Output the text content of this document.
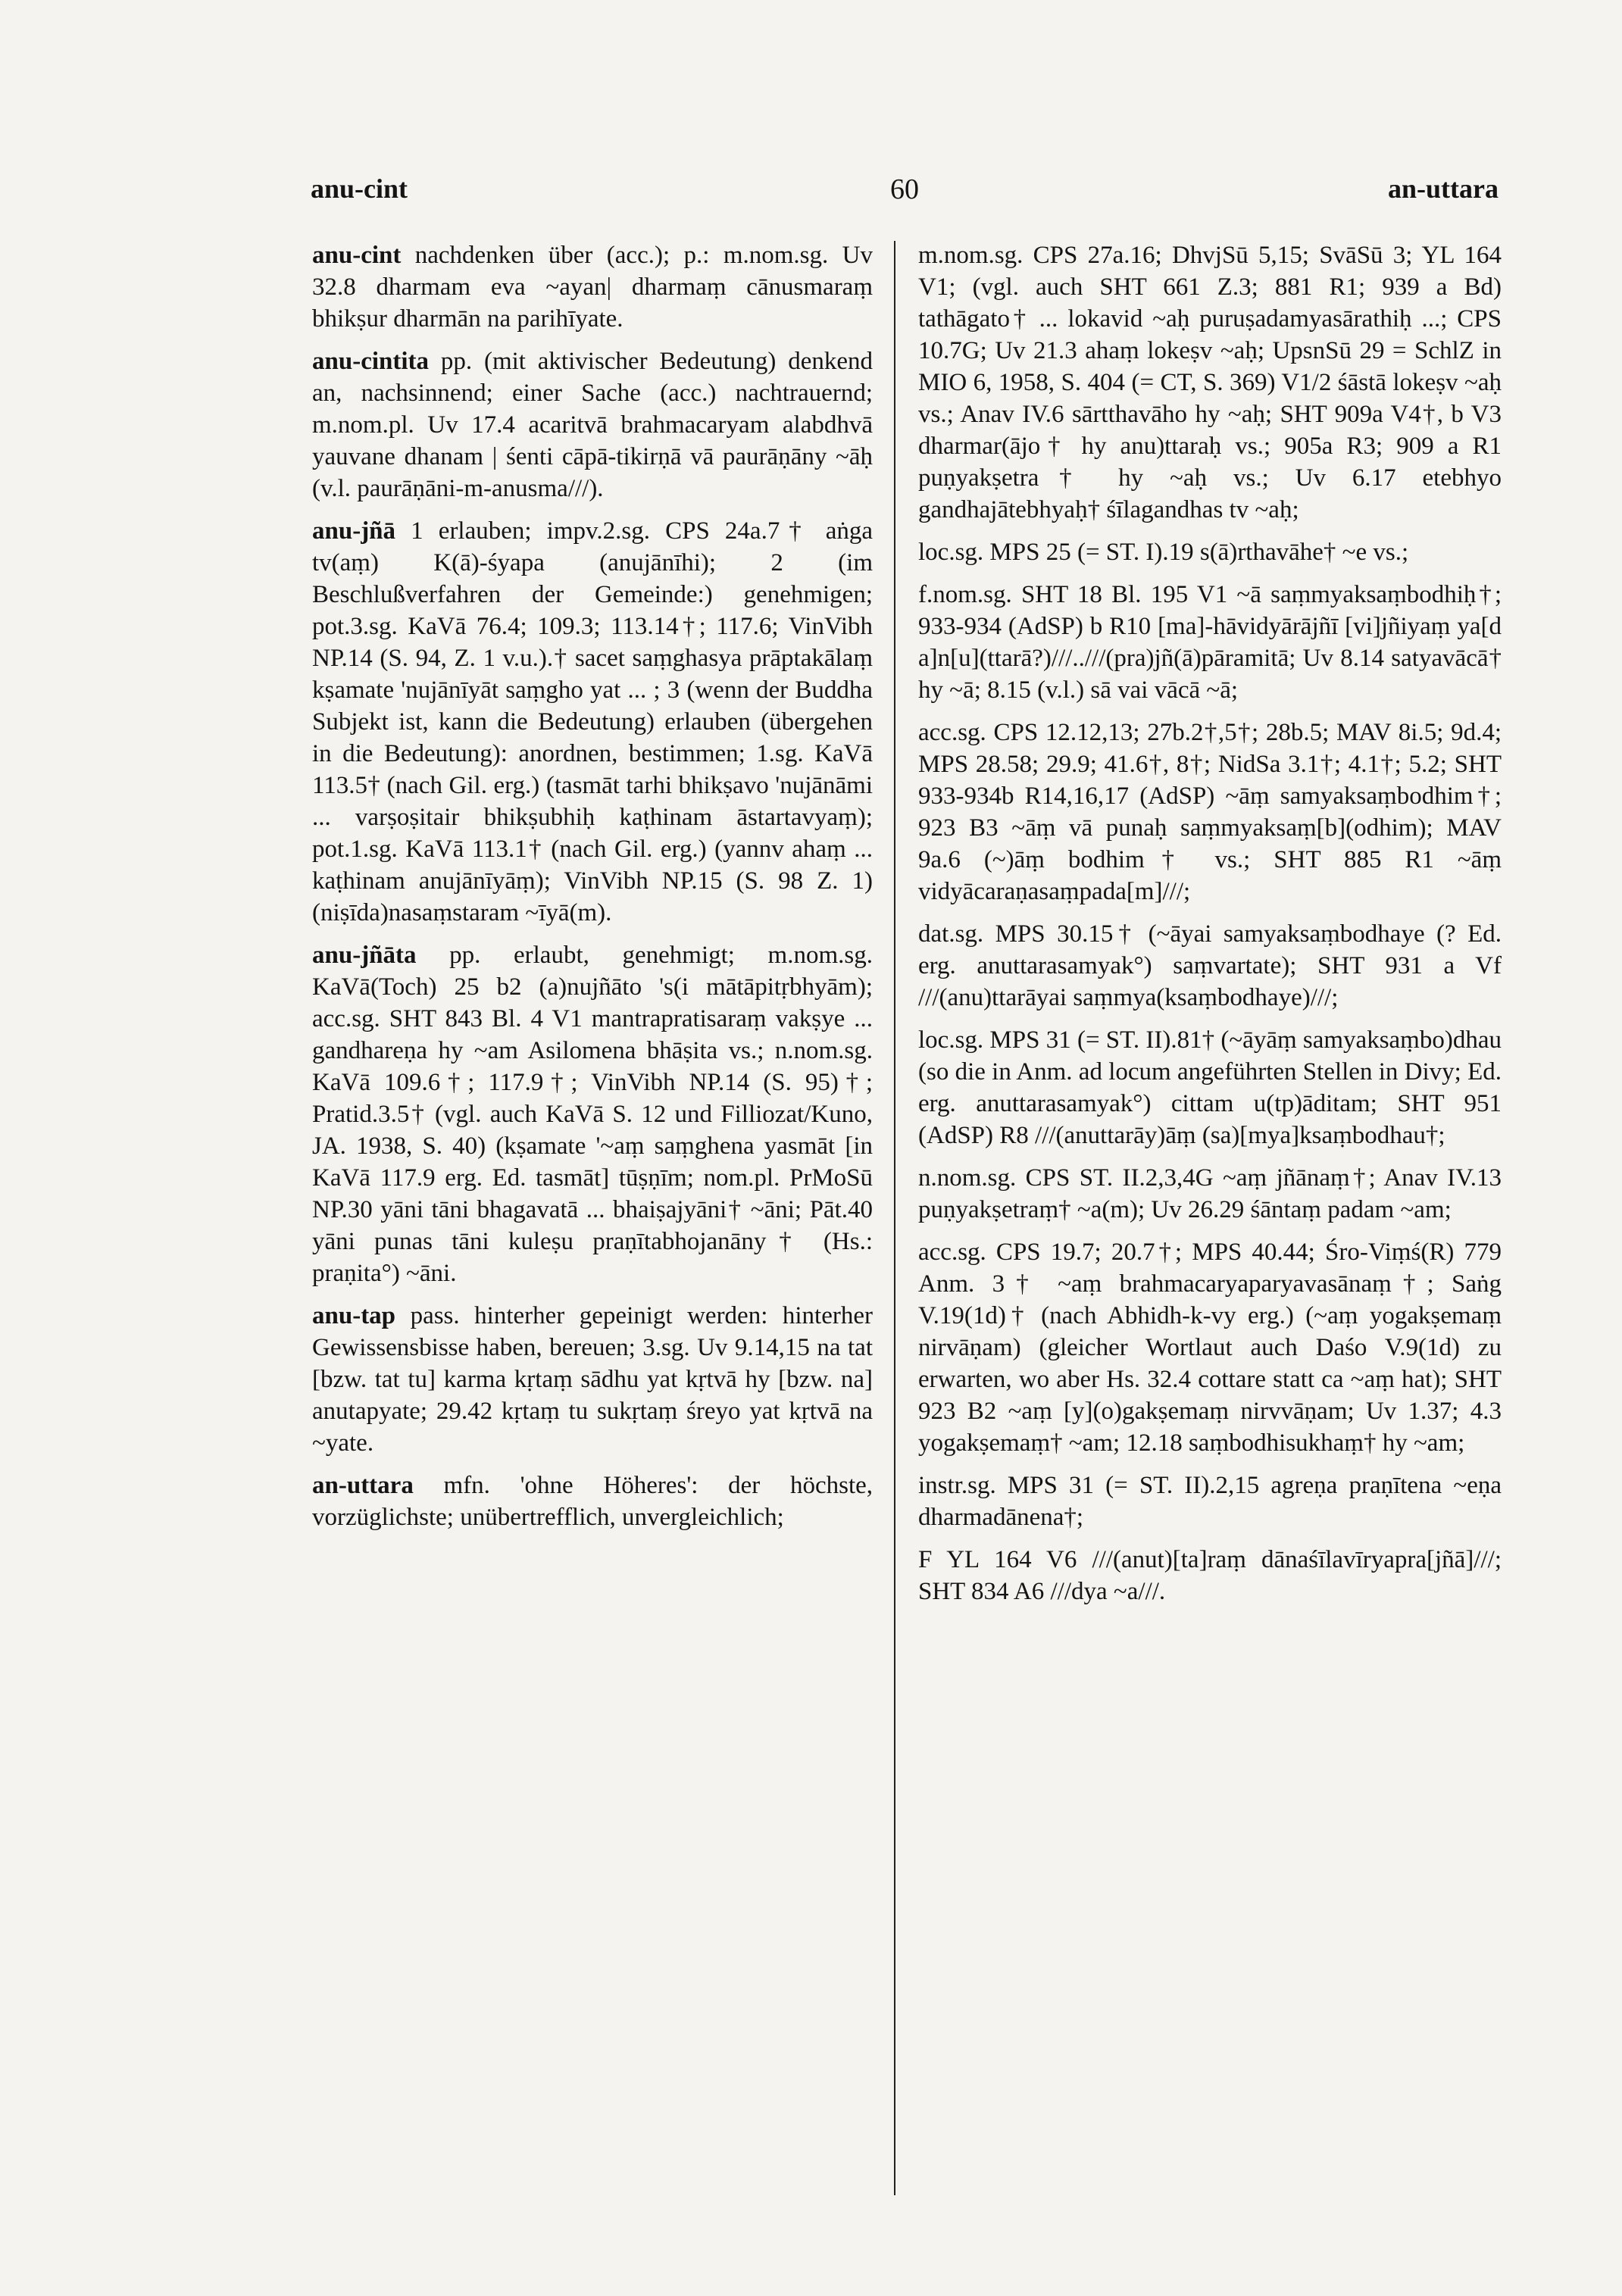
anu-cint	60	an-uttara

anu-cint nachdenken über (acc.); p.: m.nom.sg. Uv 32.8 dharmam eva ~ayan| dharmaṃ cānusmaraṃ bhikṣur dharmān na parihīyate.

anu-cintita pp. (mit aktivischer Bedeutung) denkend an, nachsinnend; einer Sache (acc.) nachtrauernd; m.nom.pl. Uv 17.4 acaritvā brahmacaryam alabdhvā yauvane dhanam | śenti cāpā-tikirṇā vā paurāṇāny ~āḥ (v.l. paurāṇāni-m-anusma///).

anu-jñā 1 erlauben; impv.2.sg. CPS 24a.7† aṅga tv(aṃ) K(ā)-śyapa (anujānīhi); 2 (im Beschlußverfahren der Gemeinde:) genehmigen; pot.3.sg. KaVā 76.4; 109.3; 113.14†; 117.6; VinVibh NP.14 (S. 94, Z. 1 v.u.).† sacet saṃghasya prāptakālaṃ kṣamate 'nujānīyāt saṃgho yat ... ; 3 (wenn der Buddha Subjekt ist, kann die Bedeutung) erlauben (übergehen in die Bedeutung): anordnen, bestimmen; 1.sg. KaVā 113.5† (nach Gil. erg.) (tasmāt tarhi bhikṣavo 'nujānāmi ... varṣoṣitair bhikṣubhiḥ kaṭhinam āstartavyaṃ); pot.1.sg. KaVā 113.1† (nach Gil. erg.) (yannv ahaṃ ... kaṭhinam anujānīyāṃ); VinVibh NP.15 (S. 98 Z. 1) (niṣīda)nasaṃstaram ~īyā(m).

anu-jñāta pp. erlaubt, genehmigt; m.nom.sg. KaVā(Toch) 25 b2 (a)nujñāto 's(i mātāpitṛbhyām); acc.sg. SHT 843 Bl. 4 V1 mantrapratisaraṃ vakṣye ... gandhareṇa hy ~am Asilomena bhāṣita vs.; n.nom.sg. KaVā 109.6†; 117.9†; VinVibh NP.14 (S. 95)†; Pratid.3.5† (vgl. auch KaVā S. 12 und Filliozat/Kuno, JA. 1938, S. 40) (kṣamate '~aṃ saṃghena yasmāt [in KaVā 117.9 erg. Ed. tasmāt] tūṣṇīm; nom.pl. PrMoSū NP.30 yāni tāni bhagavatā ... bhaiṣajyāni† ~āni; Pāt.40 yāni punas tāni kuleṣu praṇītabhojanāny† (Hs.: praṇita°) ~āni.

anu-tap pass. hinterher gepeinigt werden: hinterher Gewissensbisse haben, bereuen; 3.sg. Uv 9.14,15 na tat [bzw. tat tu] karma kṛtaṃ sādhu yat kṛtvā hy [bzw. na] anutapyate; 29.42 kṛtaṃ tu sukṛtaṃ śreyo yat kṛtvā na ~yate.

an-uttara mfn. 'ohne Höheres': der höchste, vorzüglichste; unübertrefflich, unvergleichlich;

m.nom.sg. CPS 27a.16; DhvjSū 5,15; SvāSū 3; YL 164 V1; (vgl. auch SHT 661 Z.3; 881 R1; 939 a Bd) tathāgato† ... lokavid ~aḥ puruṣadamyasārathiḥ ...; CPS 10.7G; Uv 21.3 ahaṃ lokeṣv ~aḥ; UpsnSū 29 = SchlZ in MIO 6, 1958, S. 404 (= CT, S. 369) V1/2 śāstā lokeṣv ~aḥ vs.; Anav IV.6 sārtthavāho hy ~aḥ; SHT 909a V4†, b V3 dharmar(ājo† hy anu)ttaraḥ vs.; 905a R3; 909 a R1 puṇyakṣetra† hy ~aḥ vs.; Uv 6.17 etebhyo gandhajātebhyaḥ† śīlagandhas tv ~aḥ;

loc.sg. MPS 25 (= ST. I).19 s(ā)rthavāhe† ~e vs.;

f.nom.sg. SHT 18 Bl. 195 V1 ~ā saṃmyaksaṃbodhiḥ†; 933-934 (AdSP) b R10 [ma]-hāvidyārājñī [vi]jñiyaṃ ya[d a]n[u](ttarā?)///..///(pra)jñ(ā)pāramitā; Uv 8.14 satyavācā† hy ~ā; 8.15 (v.l.) sā vai vācā ~ā;

acc.sg. CPS 12.12,13; 27b.2†,5†; 28b.5; MAV 8i.5; 9d.4; MPS 28.58; 29.9; 41.6†, 8†; NidSa 3.1†; 4.1†; 5.2; SHT 933-934b R14,16,17 (AdSP) ~āṃ samyaksaṃbodhim†; 923 B3 ~āṃ vā punaḥ saṃmyaksaṃ[b](odhim); MAV 9a.6 (~)āṃ bodhim† vs.; SHT 885 R1 ~āṃ vidyācaraṇasaṃpada[m]///;

dat.sg. MPS 30.15† (~āyai samyaksaṃbodhaye (? Ed. erg. anuttarasamyak°) saṃvartate); SHT 931 a Vf ///(anu)ttarāyai saṃmya(ksaṃbodhaye)///;

loc.sg. MPS 31 (= ST. II).81† (~āyāṃ samyaksaṃbo)dhau (so die in Anm. ad locum angeführten Stellen in Divy; Ed. erg. anuttarasamyak°) cittam u(tp)āditam; SHT 951 (AdSP) R8 ///(anuttarāy)āṃ (sa)[mya]ksaṃbodhau†;

n.nom.sg. CPS ST. II.2,3,4G ~aṃ jñānaṃ†; Anav IV.13 puṇyakṣetraṃ† ~a(m); Uv 26.29 śāntaṃ padam ~am;

acc.sg. CPS 19.7; 20.7†; MPS 40.44; Śro-Viṃś(R) 779 Anm. 3† ~aṃ brahmacaryaparyavasānaṃ†; Saṅg V.19(1d)† (nach Abhidh-k-vy erg.) (~aṃ yogakṣemaṃ nirvāṇam) (gleicher Wortlaut auch Daśo V.9(1d) zu erwarten, wo aber Hs. 32.4 cottare statt ca ~aṃ hat); SHT 923 B2 ~aṃ [y](o)gakṣemaṃ nirvvāṇam; Uv 1.37; 4.3 yogakṣemaṃ† ~am; 12.18 saṃbodhisukhaṃ† hy ~am;

instr.sg. MPS 31 (= ST. II).2,15 agreṇa praṇītena ~eṇa dharmadānena†;

F YL 164 V6 ///(anut)[ta]raṃ dānaśīlavīryapra[jñā]///; SHT 834 A6 ///dya ~a///.
